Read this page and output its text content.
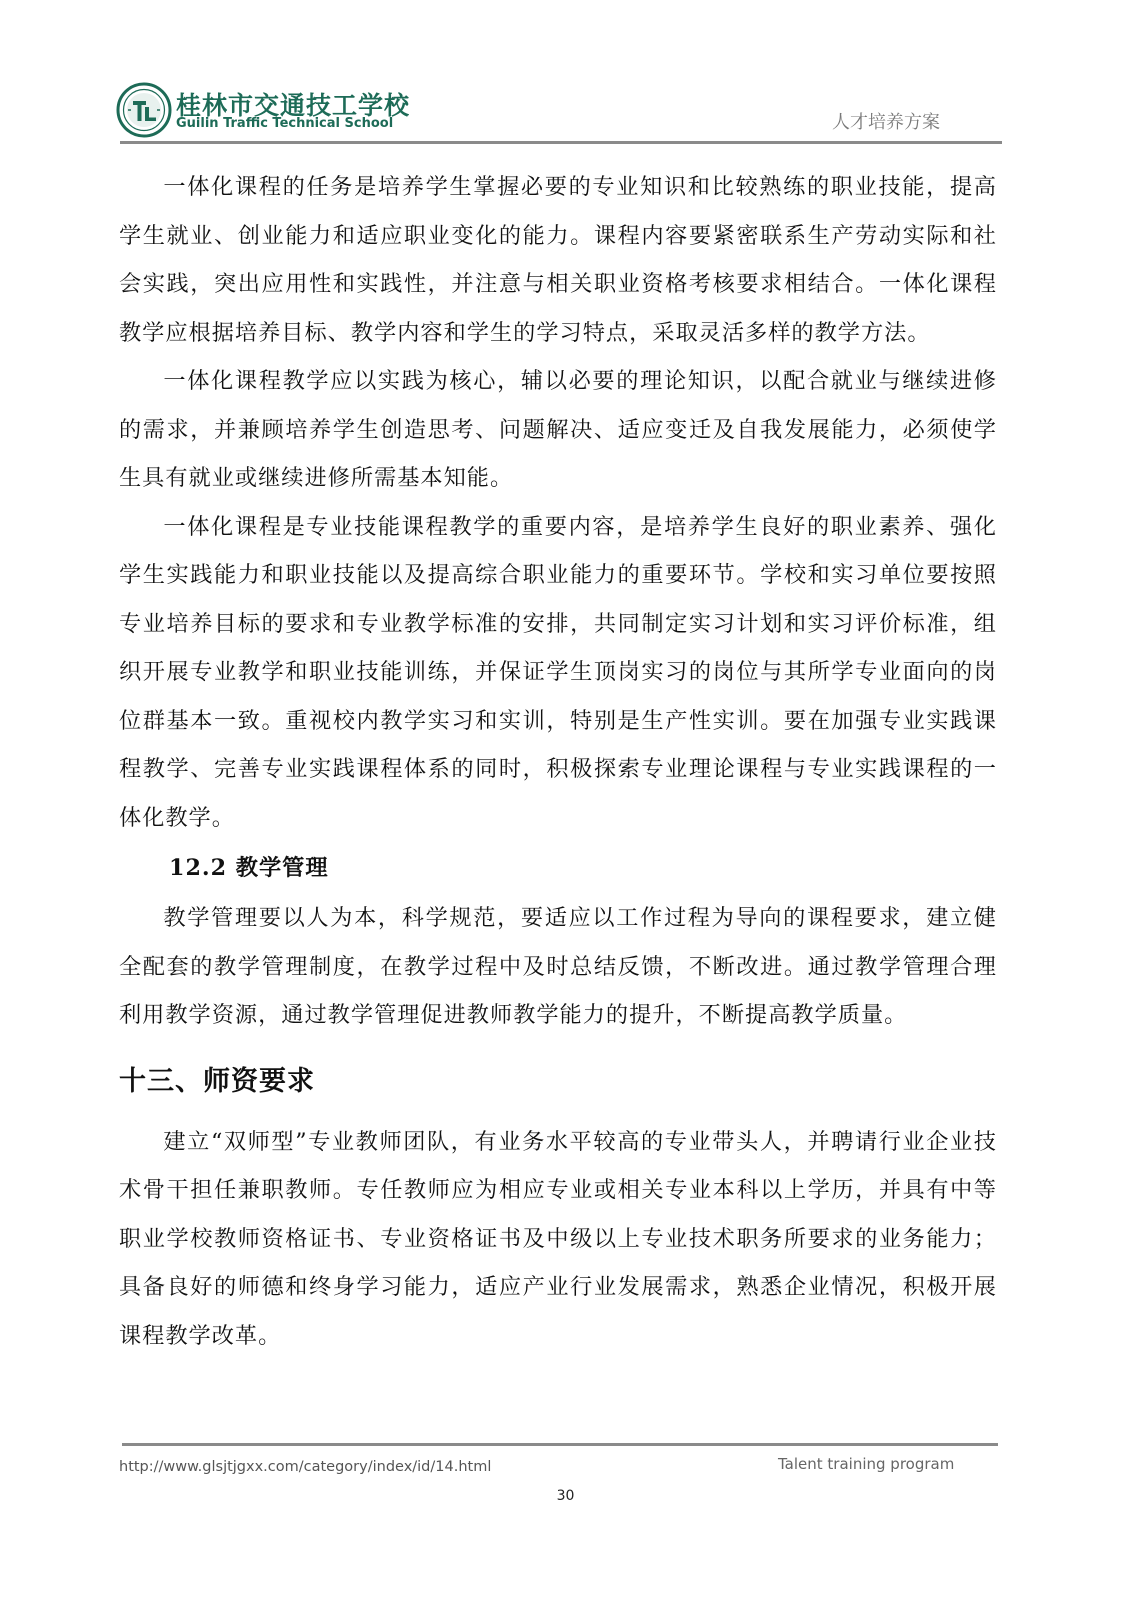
桂林市交通技工学校
Guilin Traffic Technical School	人才培养方案

一体化课程的任务是培养学生掌握必要的专业知识和比较熟练的职业技能，提高学生就业、创业能力和适应职业变化的能力。课程内容要紧密联系生产劳动实际和社会实践，突出应用性和实践性，并注意与相关职业资格考核要求相结合。一体化课程教学应根据培养目标、教学内容和学生的学习特点，采取灵活多样的教学方法。

一体化课程教学应以实践为核心，辅以必要的理论知识，以配合就业与继续进修的需求，并兼顾培养学生创造思考、问题解决、适应变迁及自我发展能力，必须使学生具有就业或继续进修所需基本知能。

一体化课程是专业技能课程教学的重要内容，是培养学生良好的职业素养、强化学生实践能力和职业技能以及提高综合职业能力的重要环节。学校和实习单位要按照专业培养目标的要求和专业教学标准的安排，共同制定实习计划和实习评价标准，组织开展专业教学和职业技能训练，并保证学生顶岗实习的岗位与其所学专业面向的岗位群基本一致。重视校内教学实习和实训，特别是生产性实训。要在加强专业实践课程教学、完善专业实践课程体系的同时，积极探索专业理论课程与专业实践课程的一体化教学。

12.2 教学管理

教学管理要以人为本，科学规范，要适应以工作过程为导向的课程要求，建立健全配套的教学管理制度，在教学过程中及时总结反馈，不断改进。通过教学管理合理利用教学资源，通过教学管理促进教师教学能力的提升，不断提高教学质量。

十三、师资要求

建立“双师型”专业教师团队，有业务水平较高的专业带头人，并聘请行业企业技术骨干担任兼职教师。专任教师应为相应专业或相关专业本科以上学历，并具有中等职业学校教师资格证书、专业资格证书及中级以上专业技术职务所要求的业务能力；具备良好的师德和终身学习能力，适应产业行业发展需求，熟悉企业情况，积极开展课程教学改革。

http://www.glsjtjgxx.com/category/index/id/14.html	Talent training program
30
